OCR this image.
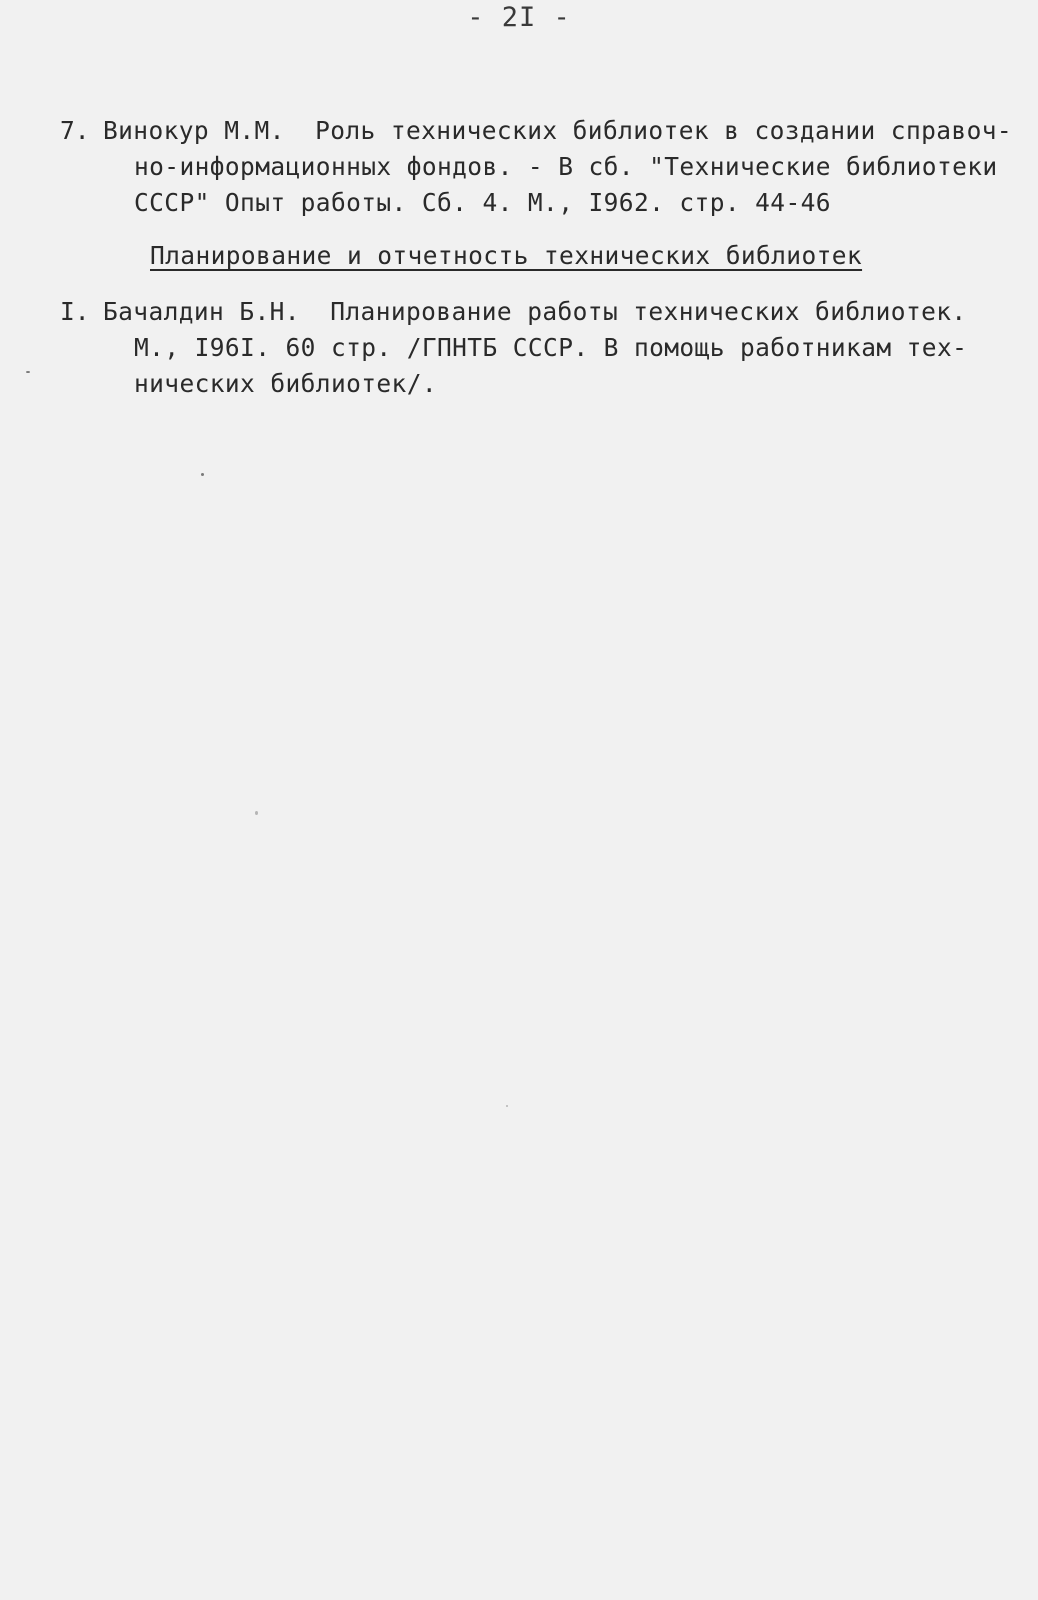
- 2I -
7. Винокур М.М.  Роль технических библиотек в создании справоч-
но-информационных фондов. - В сб. "Технические библиотеки
СССР" Опыт работы. Сб. 4. М., I962. стр. 44-46
Планирование и отчетность технических библиотек
I. Бачалдин Б.Н.  Планирование работы технических библиотек.
М., I96I. 60 стр. /ГПНТБ СССР. В помощь работникам тех-
нических библиотек/.
